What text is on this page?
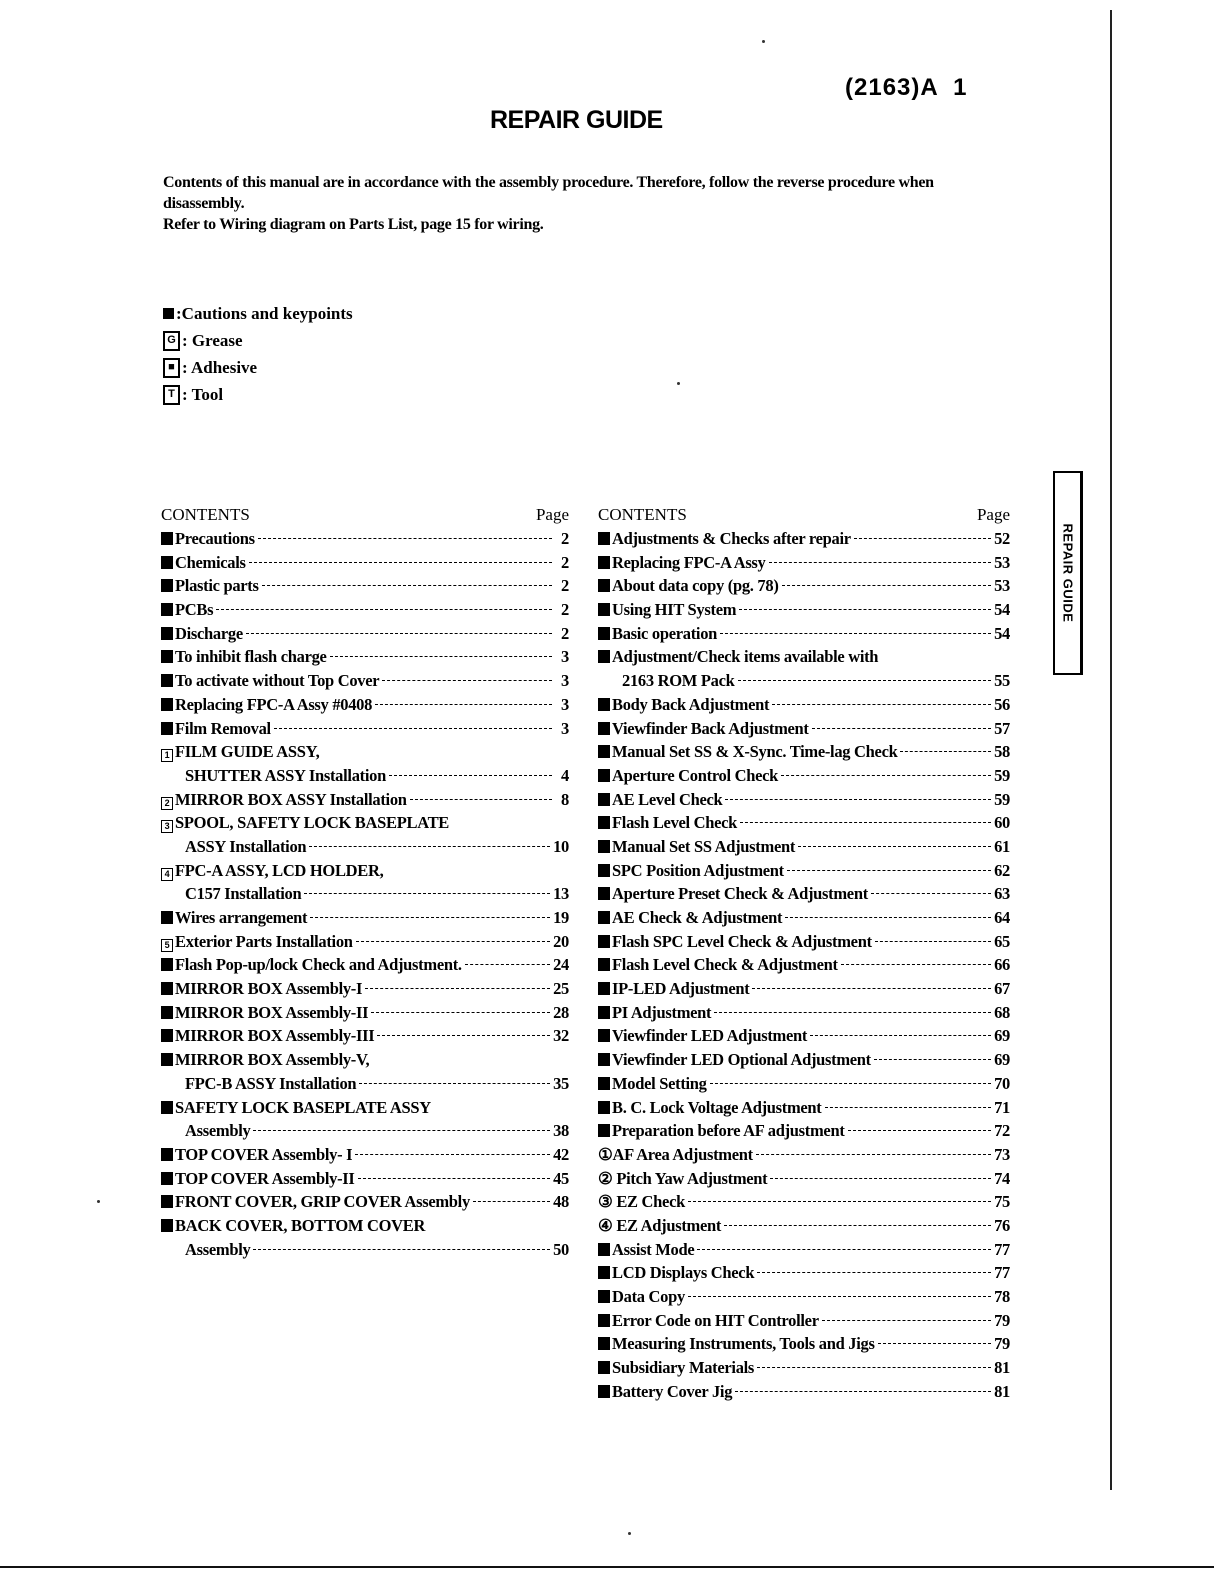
(2163)A  1
REPAIR GUIDE

Contents of this manual are in accordance with the assembly procedure. Therefore, follow the reverse procedure when disassembly.

Refer to Wiring diagram on Parts List, page 15 for wiring.

:Cautions and keypoints
G : Grease
■ : Adhesive
T : Tool
CONTENTS	Page
Precautions	2
Chemicals	2
Plastic parts	2
PCBs	2
Discharge	2
To inhibit flash charge	3
To activate without Top Cover	3
Replacing FPC-A Assy #0408	3
Film Removal	3
1 FILM GUIDE ASSY,
SHUTTER ASSY Installation	4
2 MIRROR BOX ASSY Installation	8
3 SPOOL, SAFETY LOCK BASEPLATE
ASSY Installation	10
4 FPC-A ASSY, LCD HOLDER,
C157 Installation	13
Wires arrangement	19
5 Exterior Parts Installation	20
Flash Pop-up/lock Check and Adjustment.	24
MIRROR BOX Assembly-I	25
MIRROR BOX Assembly-II	28
MIRROR BOX Assembly-III	32
MIRROR BOX Assembly-V,
FPC-B ASSY Installation	35
SAFETY LOCK BASEPLATE ASSY
Assembly	38
TOP COVER Assembly- I	42
TOP COVER Assembly-II	45
FRONT COVER, GRIP COVER Assembly	48
BACK COVER, BOTTOM COVER
Assembly	50
CONTENTS	Page
Adjustments & Checks after repair	52
Replacing FPC-A Assy	53
About data copy (pg. 78)	53
Using HIT System	54
Basic operation	54
Adjustment/Check items available with
2163 ROM Pack	55
Body Back Adjustment	56
Viewfinder Back Adjustment	57
Manual Set SS & X-Sync. Time-lag Check	58
Aperture Control Check	59
AE Level Check	59
Flash Level Check	60
Manual Set SS Adjustment	61
SPC Position Adjustment	62
Aperture Preset Check & Adjustment	63
AE Check & Adjustment	64
Flash SPC Level Check & Adjustment	65
Flash Level Check & Adjustment	66
IP-LED Adjustment	67
PI Adjustment	68
Viewfinder LED Adjustment	69
Viewfinder LED Optional Adjustment	69
Model Setting	70
B. C. Lock Voltage Adjustment	71
Preparation before AF adjustment	72
①AF Area Adjustment	73
② Pitch Yaw Adjustment	74
③ EZ Check	75
④ EZ Adjustment	76
Assist Mode	77
LCD Displays Check	77
Data Copy	78
Error Code on HIT Controller	79
Measuring Instruments, Tools and Jigs	79
Subsidiary Materials	81
Battery Cover Jig	81
REPAIR GUIDE
